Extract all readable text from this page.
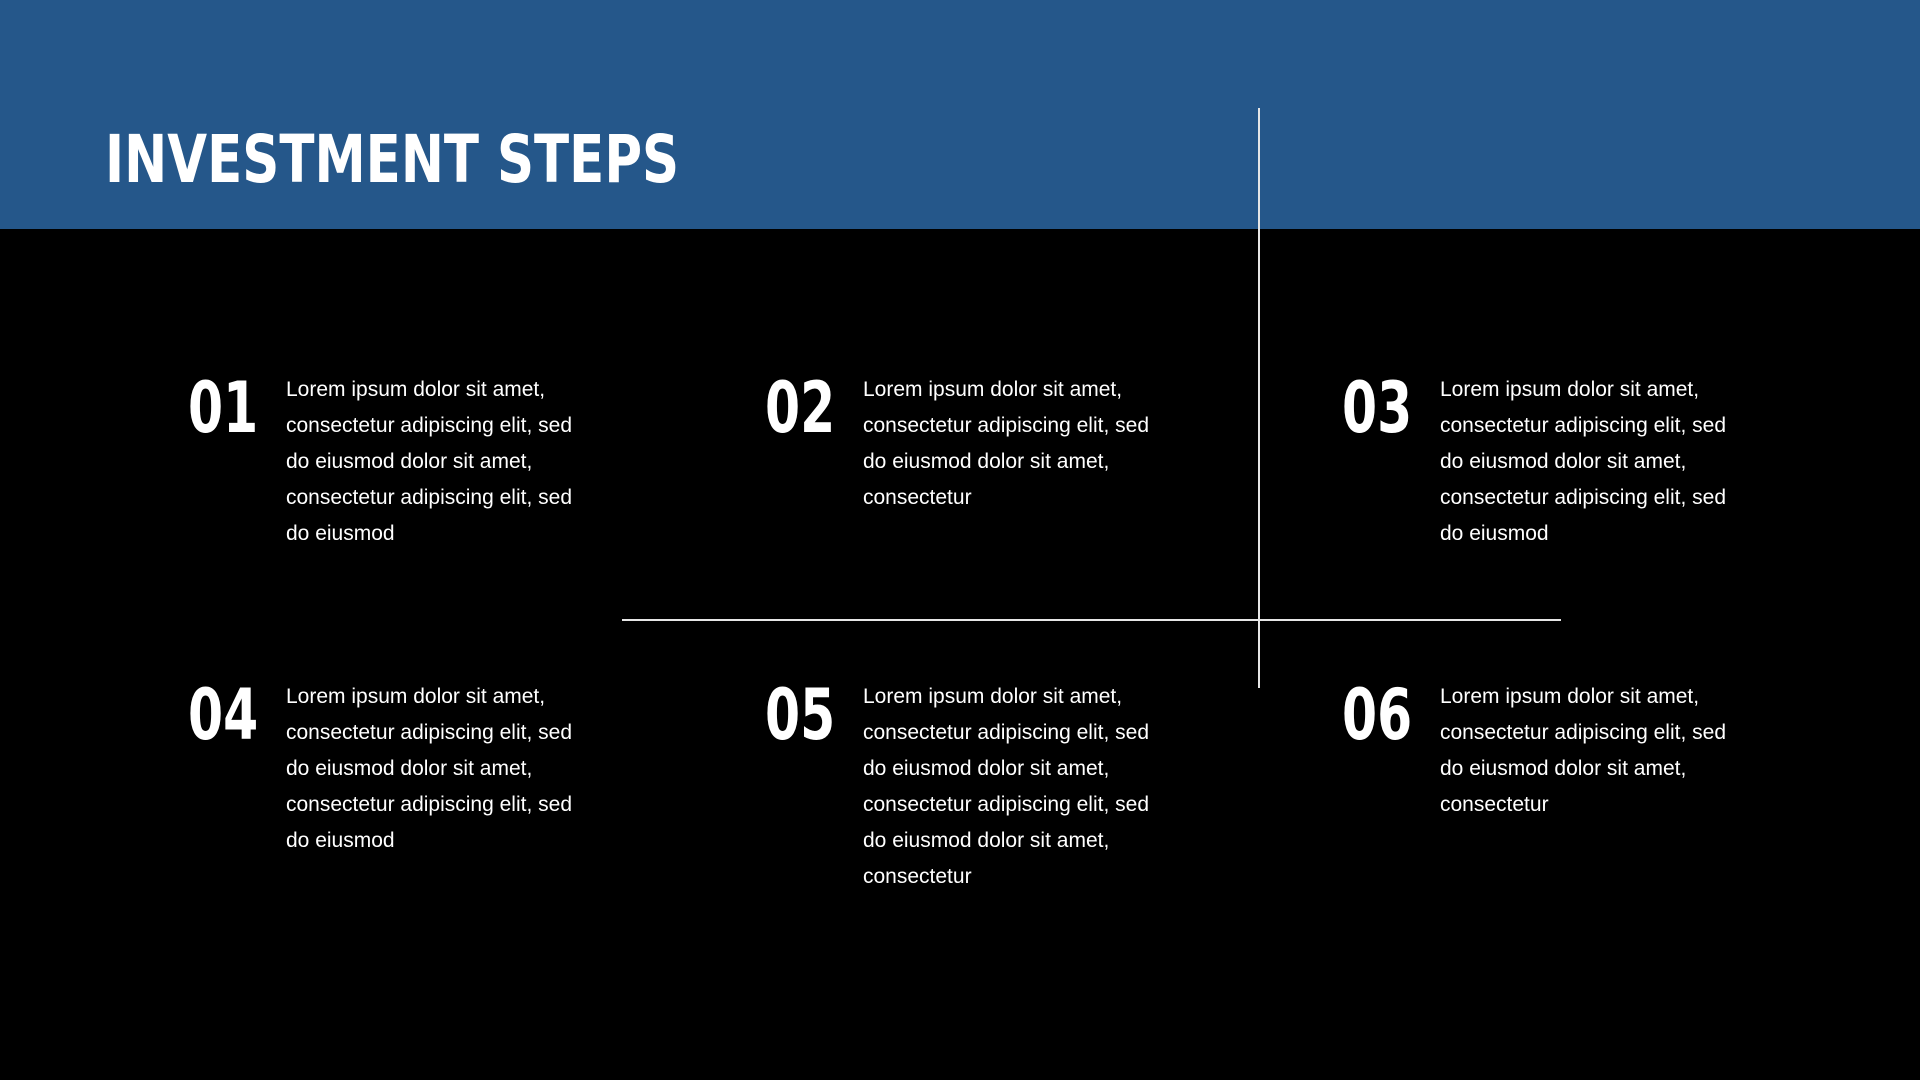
INVESTMENT STEPS
01 Lorem ipsum dolor sit amet, consectetur adipiscing elit, sed do eiusmod dolor sit amet, consectetur adipiscing elit, sed do eiusmod

02 Lorem ipsum dolor sit amet, consectetur adipiscing elit, sed do eiusmod dolor sit amet, consectetur

03 Lorem ipsum dolor sit amet, consectetur adipiscing elit, sed do eiusmod dolor sit amet, consectetur adipiscing elit, sed do eiusmod

04 Lorem ipsum dolor sit amet, consectetur adipiscing elit, sed do eiusmod dolor sit amet, consectetur adipiscing elit, sed do eiusmod

05 Lorem ipsum dolor sit amet, consectetur adipiscing elit, sed do eiusmod dolor sit amet, consectetur adipiscing elit, sed do eiusmod dolor sit amet, consectetur

06 Lorem ipsum dolor sit amet, consectetur adipiscing elit, sed do eiusmod dolor sit amet, consectetur
